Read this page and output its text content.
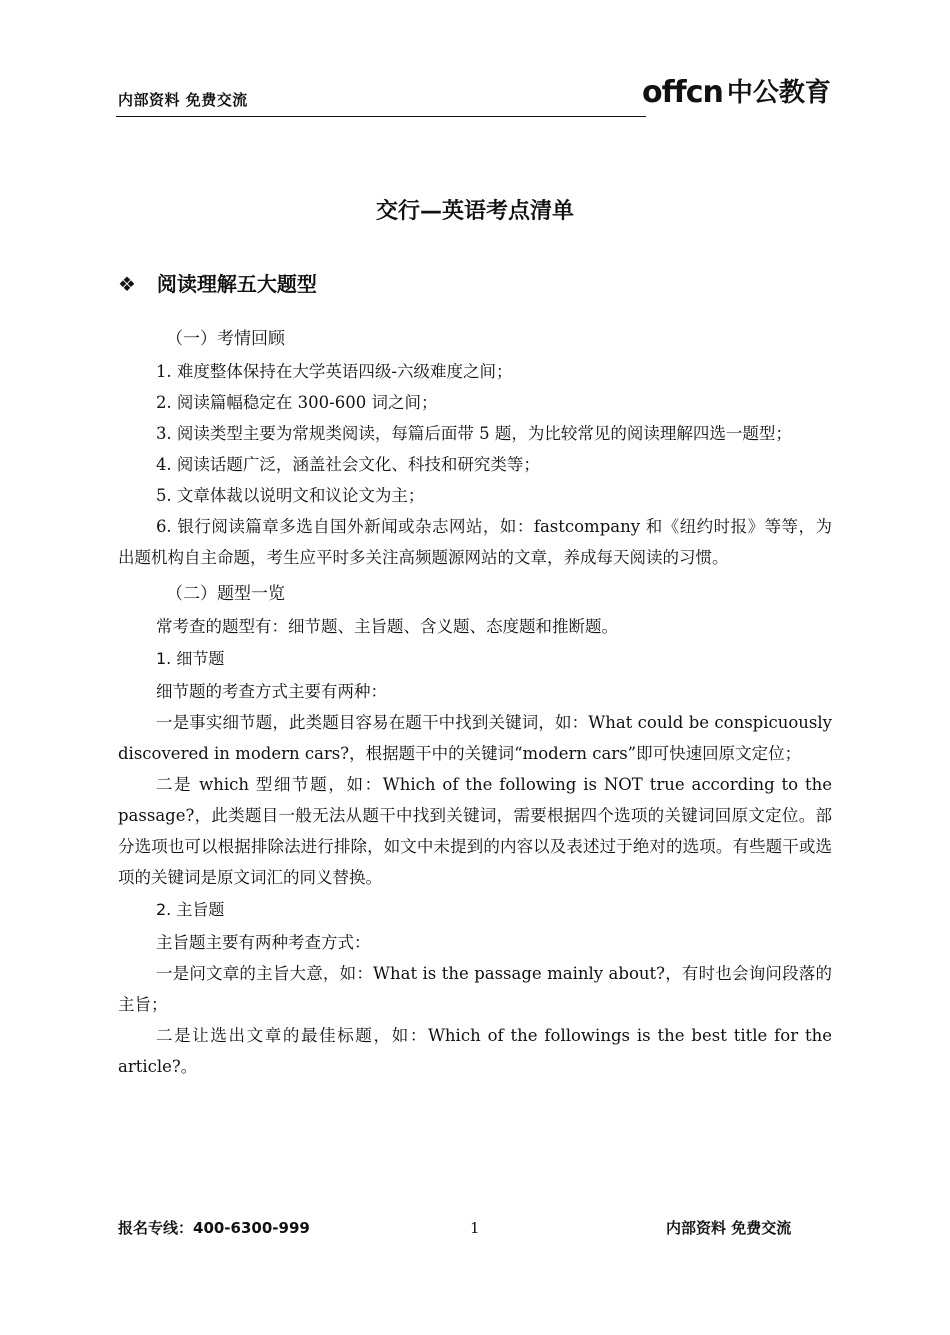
内部资料 免费交流	offcn 中公教育
交行—英语考点清单
❖ 阅读理解五大题型

（一）考情回顾

1. 难度整体保持在大学英语四级-六级难度之间；

2. 阅读篇幅稳定在 300-600 词之间；

3. 阅读类型主要为常规类阅读，每篇后面带 5 题，为比较常见的阅读理解四选一题型；

4. 阅读话题广泛，涵盖社会文化、科技和研究类等；

5. 文章体裁以说明文和议论文为主；

6. 银行阅读篇章多选自国外新闻或杂志网站，如：fastcompany 和《纽约时报》等等，为出题机构自主命题，考生应平时多关注高频题源网站的文章，养成每天阅读的习惯。

（二）题型一览

常考查的题型有：细节题、主旨题、含义题、态度题和推断题。

1. 细节题

细节题的考查方式主要有两种：

一是事实细节题，此类题目容易在题干中找到关键词，如：What could be conspicuously discovered in modern cars?，根据题干中的关键词“modern cars”即可快速回原文定位；

二是 which 型细节题，如：Which of the following is NOT true according to the passage?，此类题目一般无法从题干中找到关键词，需要根据四个选项的关键词回原文定位。部分选项也可以根据排除法进行排除，如文中未提到的内容以及表述过于绝对的选项。有些题干或选项的关键词是原文词汇的同义替换。

2. 主旨题

主旨题主要有两种考查方式：

一是问文章的主旨大意，如：What is the passage mainly about?，有时也会询问段落的主旨；

二是让选出文章的最佳标题，如：Which of the followings is the best title for the article?。

报名专线：400-6300-999	1	内部资料 免费交流
